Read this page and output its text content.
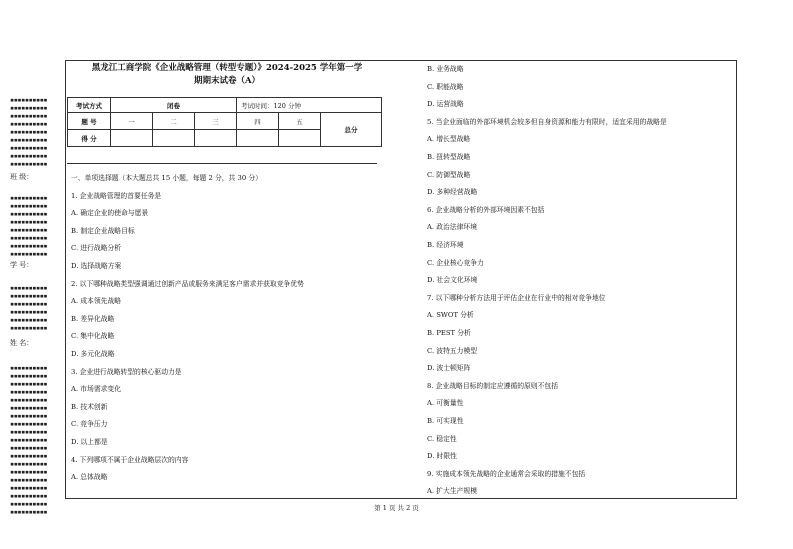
▪▪▪▪▪▪▪▪▪▪
▪▪▪▪▪▪▪▪▪▪
▪▪▪▪▪▪▪▪▪▪
▪▪▪▪▪▪▪▪▪▪
▪▪▪▪▪▪▪▪▪▪
▪▪▪▪▪▪▪▪▪▪
▪▪▪▪▪▪▪▪▪▪
▪▪▪▪▪▪▪▪▪▪
▪▪▪▪▪▪▪▪▪▪
班 级：
▪▪▪▪▪▪▪▪▪▪
▪▪▪▪▪▪▪▪▪▪
▪▪▪▪▪▪▪▪▪▪
▪▪▪▪▪▪▪▪▪▪
▪▪▪▪▪▪▪▪▪▪
▪▪▪▪▪▪▪▪▪▪
▪▪▪▪▪▪▪▪▪▪
▪▪▪▪▪▪▪▪▪▪
学 号：
▪▪▪▪▪▪▪▪▪▪
▪▪▪▪▪▪▪▪▪▪
▪▪▪▪▪▪▪▪▪▪
▪▪▪▪▪▪▪▪▪▪
▪▪▪▪▪▪▪▪▪▪
▪▪▪▪▪▪▪▪▪▪
姓 名：
▪▪▪▪▪▪▪▪▪▪
▪▪▪▪▪▪▪▪▪▪
▪▪▪▪▪▪▪▪▪▪
▪▪▪▪▪▪▪▪▪▪
▪▪▪▪▪▪▪▪▪▪
▪▪▪▪▪▪▪▪▪▪
▪▪▪▪▪▪▪▪▪▪
▪▪▪▪▪▪▪▪▪▪
▪▪▪▪▪▪▪▪▪▪
▪▪▪▪▪▪▪▪▪▪
▪▪▪▪▪▪▪▪▪▪
▪▪▪▪▪▪▪▪▪▪
▪▪▪▪▪▪▪▪▪▪
▪▪▪▪▪▪▪▪▪▪
▪▪▪▪▪▪▪▪▪▪
▪▪▪▪▪▪▪▪▪▪
▪▪▪▪▪▪▪▪▪▪
▪▪▪▪▪▪▪▪▪▪
▪▪▪▪▪▪▪▪▪▪
黑龙江工商学院《企业战略管理（转型专题）》2024-2025 学年第一学
期期末试卷（A）
考试方式	闭卷			考试时间：120 分钟		
题 号	一	二	三	四	五	总分
得 分						
一、单项选择题（本大题总共 15 小题，每题 2 分，共 30 分）
1. 企业战略管理的首要任务是
A. 确定企业的使命与愿景
B. 制定企业战略目标
C. 进行战略分析
D. 选择战略方案
2. 以下哪种战略类型强调通过创新产品或服务来满足客户需求并获取竞争优势
A. 成本领先战略
B. 差异化战略
C. 集中化战略
D. 多元化战略
3. 企业进行战略转型的核心驱动力是
A. 市场需求变化
B. 技术创新
C. 竞争压力
D. 以上都是
4. 下列哪项不属于企业战略层次的内容
A. 总体战略
B. 业务战略
C. 职能战略
D. 运营战略
5. 当企业面临的外部环境机会较多但自身资源和能力有限时，适宜采用的战略是
A. 增长型战略
B. 扭转型战略
C. 防御型战略
D. 多种经营战略
6. 企业战略分析的外部环境因素不包括
A. 政治法律环境
B. 经济环境
C. 企业核心竞争力
D. 社会文化环境
7. 以下哪种分析方法用于评估企业在行业中的相对竞争地位
A. SWOT 分析
B. PEST 分析
C. 波特五力模型
D. 波士顿矩阵
8. 企业战略目标的制定应遵循的原则不包括
A. 可衡量性
B. 可实现性
C. 稳定性
D. 时限性
9. 实施成本领先战略的企业通常会采取的措施不包括
A. 扩大生产规模
第 1 页 共 2 页
